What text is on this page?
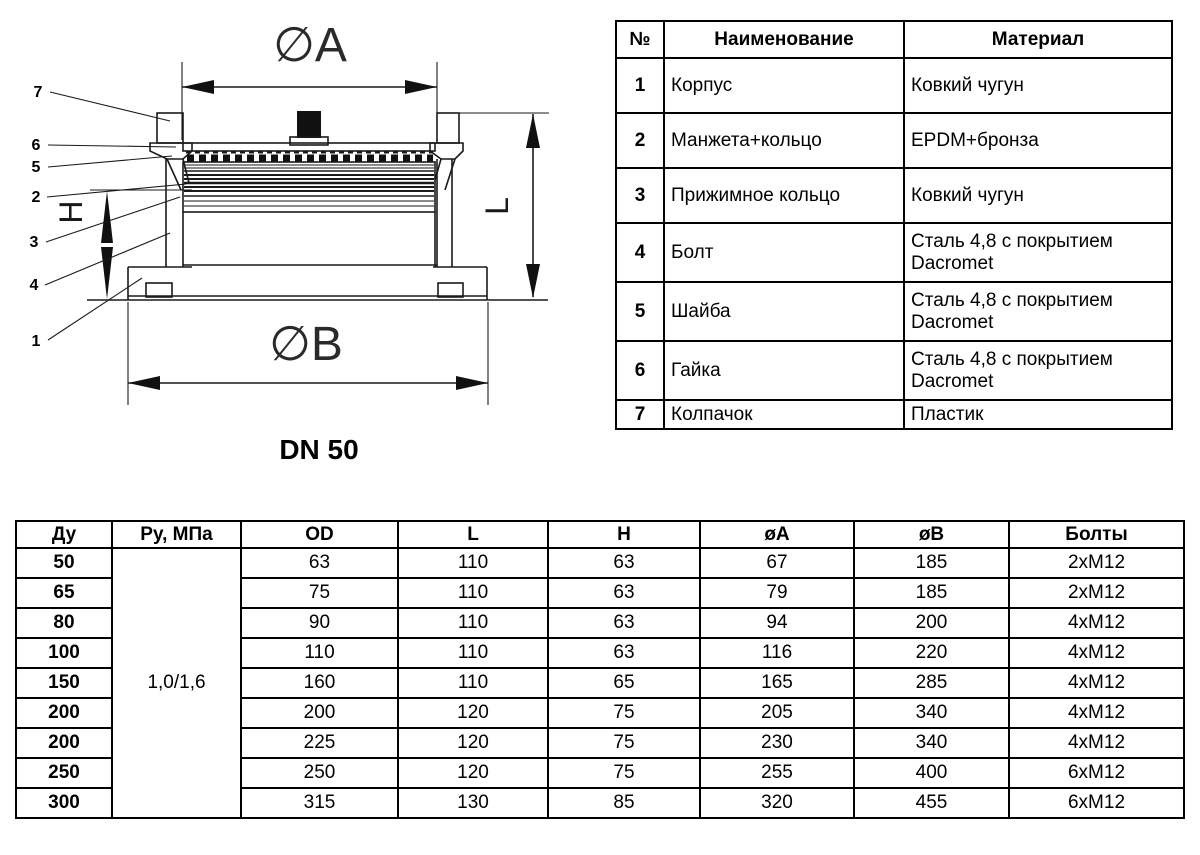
∅A
L
H
∅B
7
6
5
2
3
4
1
DN 50
№	Наименование	Материал
1	Корпус	Ковкий чугун
2	Манжета+кольцо	EPDM+бронза
3	Прижимное кольцо	Ковкий чугун
4	Болт	Сталь 4,8 с покрытием Dacromet
5	Шайба	Сталь 4,8 с покрытием Dacromet
6	Гайка	Сталь 4,8 с покрытием Dacromet
7	Колпачок	Пластик
Ду	Ру, МПа	OD	L	H	øA	øB	Болты
50	1,0/1,6	63	110	63	67	185	2xM12
65		75	110	63	79	185	2xM12
80		90	110	63	94	200	4xM12
100		110	110	63	116	220	4xM12
150		160	110	65	165	285	4xM12
200		200	120	75	205	340	4xM12
200		225	120	75	230	340	4xM12
250		250	120	75	255	400	6xM12
300		315	130	85	320	455	6xM12
